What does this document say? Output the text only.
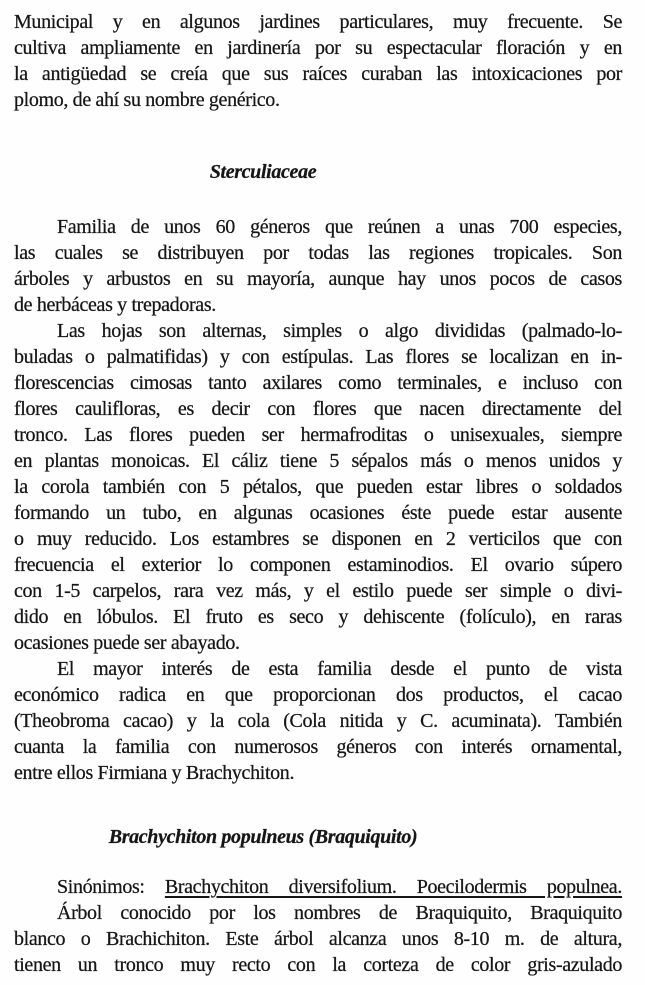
Municipal y en algunos jardines particulares, muy frecuente. Se
cultiva ampliamente en jardinería por su espectacular floración y en
la antigüedad se creía que sus raíces curaban las intoxicaciones por
plomo, de ahí su nombre genérico.
Sterculiaceae
Familia de unos 60 géneros que reúnen a unas 700 especies,
las cuales se distribuyen por todas las regiones tropicales. Son
árboles y arbustos en su mayoría, aunque hay unos pocos de casos
de herbáceas y trepadoras.
Las hojas son alternas, simples o algo divididas (palmado-lo-
buladas o palmatifidas) y con estípulas. Las flores se localizan en in-
florescencias cimosas tanto axilares como terminales, e incluso con
flores caulifloras, es decir con flores que nacen directamente del
tronco. Las flores pueden ser hermafroditas o unisexuales, siempre
en plantas monoicas. El cáliz tiene 5 sépalos más o menos unidos y
la corola también con 5 pétalos, que pueden estar libres o soldados
formando un tubo, en algunas ocasiones éste puede estar ausente
o muy reducido. Los estambres se disponen en 2 verticilos que con
frecuencia el exterior lo componen estaminodios. El ovario súpero
con 1-5 carpelos, rara vez más, y el estilo puede ser simple o divi-
dido en lóbulos. El fruto es seco y dehiscente (folículo), en raras
ocasiones puede ser abayado.
El mayor interés de esta familia desde el punto de vista
económico radica en que proporcionan dos productos, el cacao
(Theobroma cacao) y la cola (Cola nitida y C. acuminata). También
cuanta la familia con numerosos géneros con interés ornamental,
entre ellos Firmiana y Brachychiton.
Brachychiton populneus (Braquiquito)
Sinónimos: Brachychiton diversifolium. Poecilodermis populnea.
Árbol conocido por los nombres de Braquiquito, Braquiquito
blanco o Brachichiton. Este árbol alcanza unos 8-10 m. de altura,
tienen un tronco muy recto con la corteza de color gris-azulado
